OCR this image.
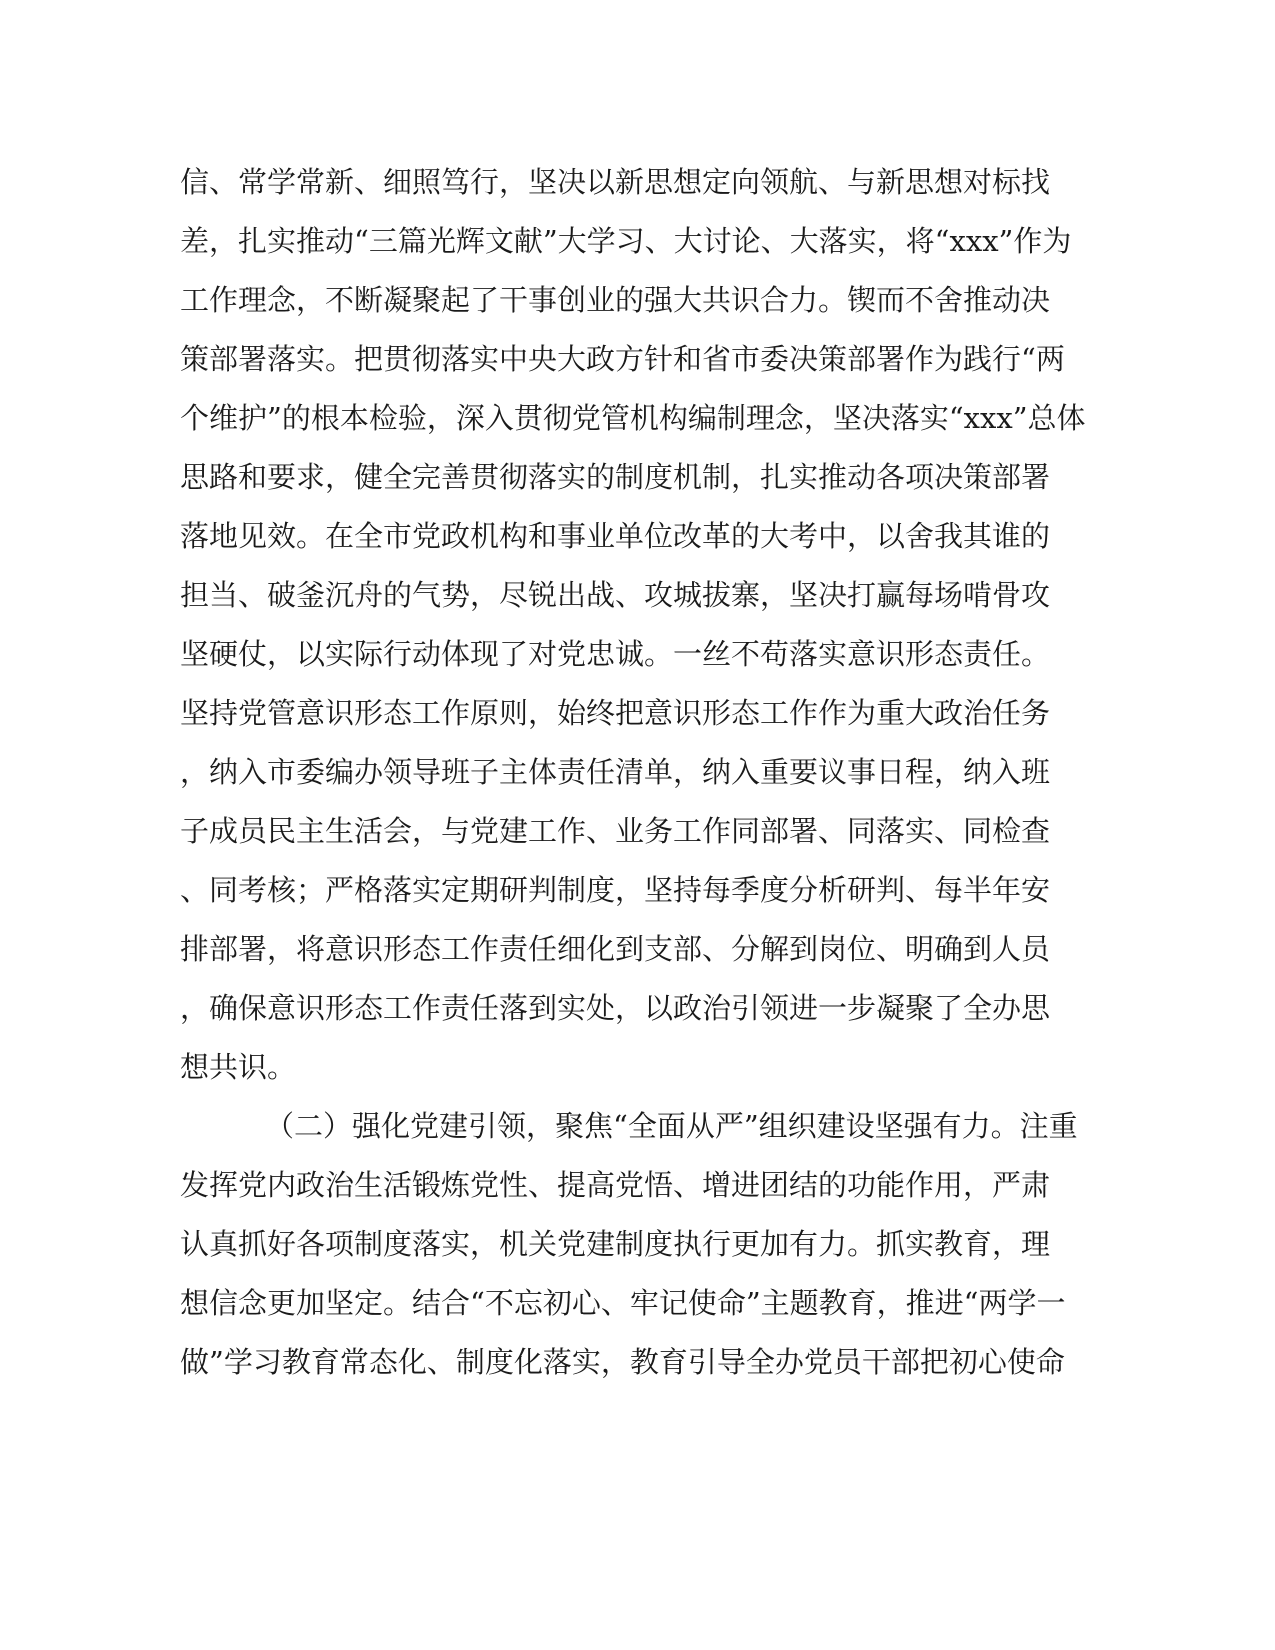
信、常学常新、细照笃行，坚决以新思想定向领航、与新思想对标找
差，扎实推动“三篇光辉文献”大学习、大讨论、大落实，将“xxx”作为
工作理念，不断凝聚起了干事创业的强大共识合力。锲而不舍推动决
策部署落实。把贯彻落实中央大政方针和省市委决策部署作为践行“两
个维护”的根本检验，深入贯彻党管机构编制理念，坚决落实“xxx”总体
思路和要求，健全完善贯彻落实的制度机制，扎实推动各项决策部署
落地见效。在全市党政机构和事业单位改革的大考中，以舍我其谁的
担当、破釜沉舟的气势，尽锐出战、攻城拔寨，坚决打赢每场啃骨攻
坚硬仗，以实际行动体现了对党忠诚。一丝不苟落实意识形态责任。
坚持党管意识形态工作原则，始终把意识形态工作作为重大政治任务
，纳入市委编办领导班子主体责任清单，纳入重要议事日程，纳入班
子成员民主生活会，与党建工作、业务工作同部署、同落实、同检查
、同考核；严格落实定期研判制度，坚持每季度分析研判、每半年安
排部署，将意识形态工作责任细化到支部、分解到岗位、明确到人员
，确保意识形态工作责任落到实处，以政治引领进一步凝聚了全办思
想共识。
（二）强化党建引领，聚焦“全面从严”组织建设坚强有力。注重
发挥党内政治生活锻炼党性、提高党悟、增进团结的功能作用，严肃
认真抓好各项制度落实，机关党建制度执行更加有力。抓实教育，理
想信念更加坚定。结合“不忘初心、牢记使命”主题教育，推进“两学一
做”学习教育常态化、制度化落实，教育引导全办党员干部把初心使命
